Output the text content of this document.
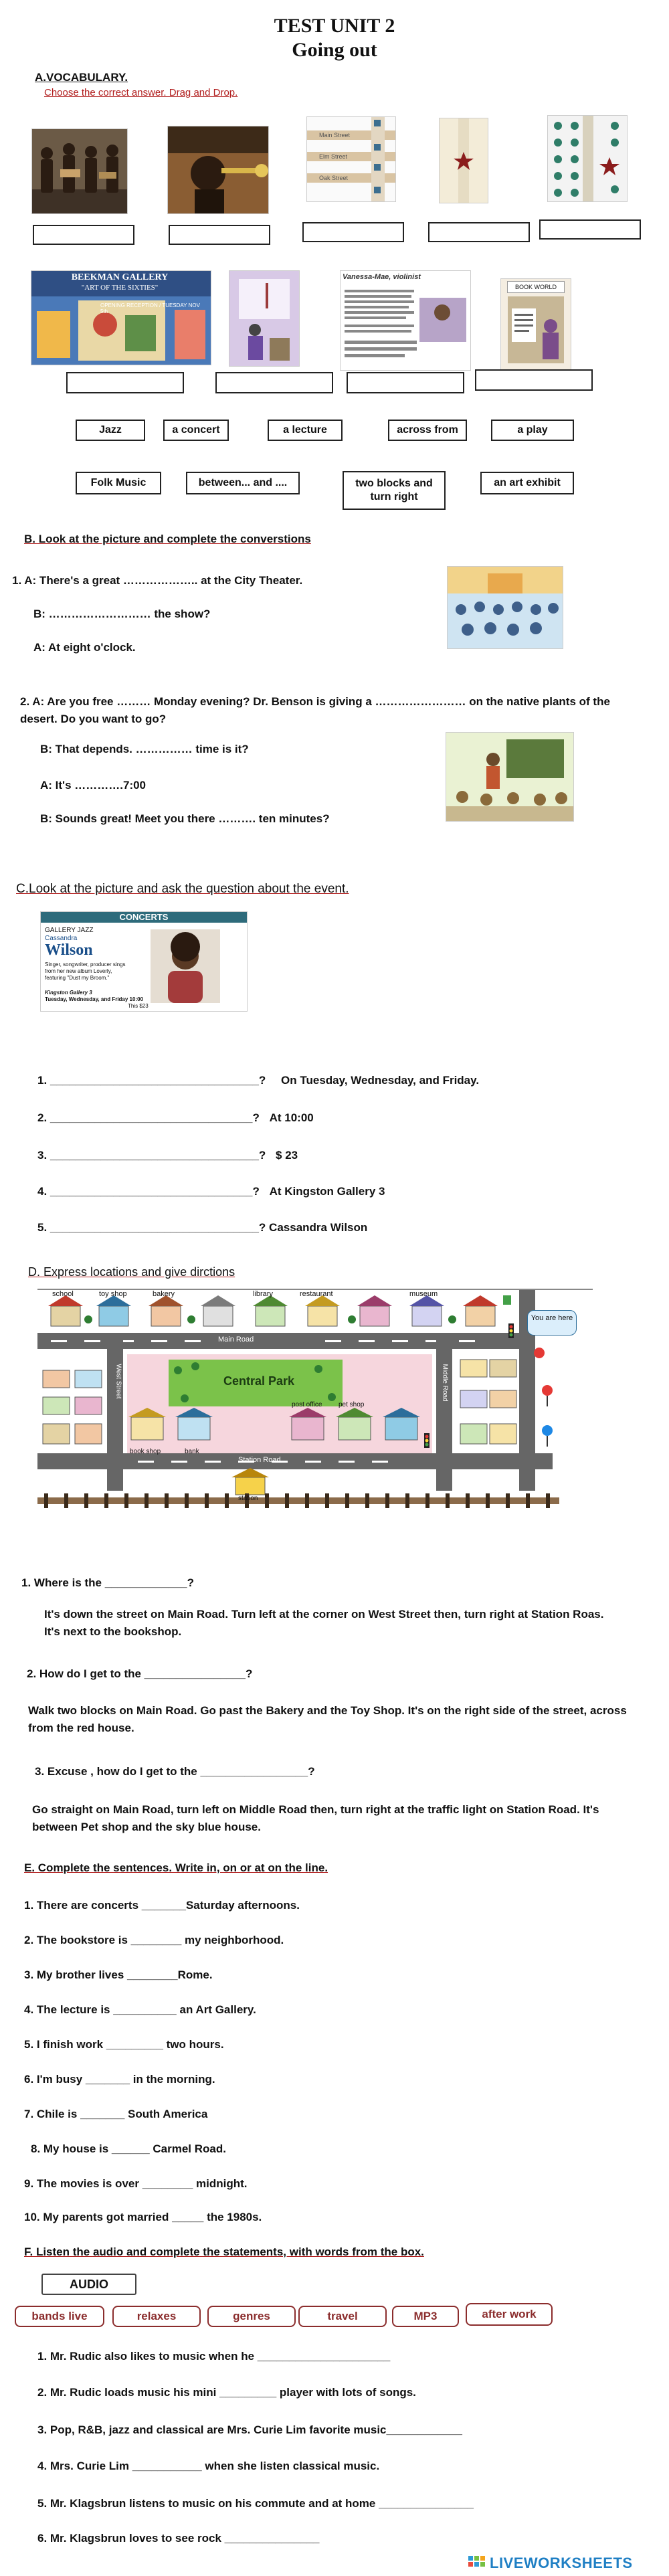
TEST UNIT 2
Going out
A.VOCABULARY.
Choose the correct answer. Drag and Drop.
Main Street
Elm Street
Oak Street
BEEKMAN GALLERY
"ART OF THE SIXTIES"
OPENING RECEPTION / TUESDAY NOV 5th
Vanessa-Mae, violinist
BOOK WORLD
Jazz	a concert	a lecture	across from	a play
Folk Music	between... and ....	two blocks and turn right
an art exhibit
B. Look at the picture and complete the converstions
1. A: There's a great ……………….. at the City Theater.
B: ……………………… the show?
A: At eight o'clock.
2. A: Are you free ……… Monday evening? Dr. Benson is giving a …………………… on the native plants of the desert. Do you want to go?
B: That depends. …………… time is it?
A: It's ………….7:00
B: Sounds great! Meet you there ………. ten minutes?
C.Look at the picture and ask the question about the event.
CONCERTS
GALLERY JAZZ
Cassandra
Wilson
Singer, songwriter, producer sings from her new album Loverly, featuring "Dust my Broom."
Kingston Gallery 3
Tuesday, Wednesday, and Friday 10:00
This $23
1. _________________________________? On Tuesday, Wednesday, and Friday.
2. ________________________________? At 10:00
3. _________________________________? $ 23
4. ________________________________? At Kingston Gallery 3
5. _________________________________? Cassandra Wilson
D. Express locations and give dirctions
school	toy shop	bakery	library	restaurant	museum
Main Road
Central Park
West Street	Middle Road
book shop	bank
post office pet shop
Station Road
station
You are here
1. Where is the _____________?
It's down the street on Main Road. Turn left at the corner on West Street then, turn right at Station Roas. It's next to the bookshop.
2. How do I get to the ________________?
Walk two blocks on Main Road. Go past the Bakery and the Toy Shop. It's on the right side of the street, across from the red house.
3. Excuse , how do I get to the _________________?
Go straight on Main Road, turn left on Middle Road then, turn right at the traffic light on Station Road. It's between Pet shop and the sky blue house.
E. Complete the sentences. Write in, on or at on the line.
1. There are concerts _______Saturday afternoons.
2. The bookstore is ________ my neighborhood.
3. My brother lives ________Rome.
4. The lecture is __________ an Art Gallery.
5. I finish work _________ two hours.
6. I'm busy _______ in the morning.
7. Chile is _______ South America
8. My house is ______ Carmel Road.
9. The movies is over ________ midnight.
10. My parents got married _____ the 1980s.
F. Listen the audio and complete the statements, with words from the box.
AUDIO
bands live	relaxes	genres	travel	MP3	after work
1. Mr. Rudic also likes to music when he _____________________
2. Mr. Rudic loads music his mini _________ player with lots of songs.
3. Pop, R&B, jazz and classical are Mrs. Curie Lim favorite music____________
4. Mrs. Curie Lim ___________ when she listen classical music.
5. Mr. Klagsbrun listens to music on his commute and at home _______________
6. Mr. Klagsbrun loves to see rock _______________
LIVEWORKSHEETS
